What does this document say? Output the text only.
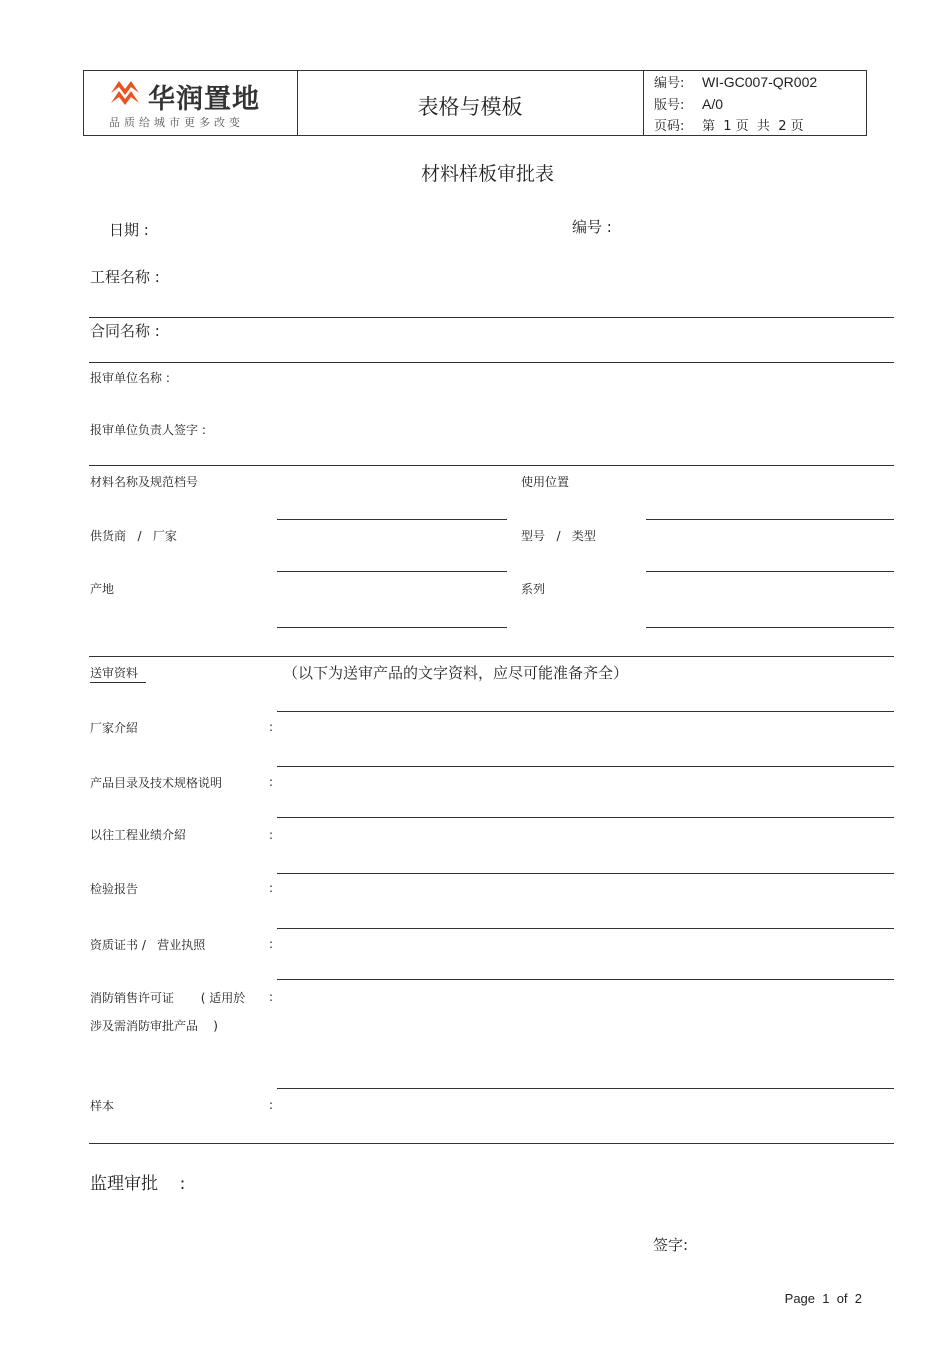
华润置地
品质给城市更多改变
表格与模板
编号: WI-GC007-QR002
版号: A/0
页码: 第  1 页  共  2 页
材料样板审批表
日期 :	编号 :
工程名称 :
合同名称 :
报审单位名称 :
报审单位负责人签字 :
材料名称及规范档号	使用位置
供货商   /   厂家	型号   /   类型
产地	系列
送审资料	（以下为送审产品的文字资料，应尽可能准备齐全）
厂家介紹	:
产品目录及技术规格说明	:
以往工程业绩介紹	:
检验报告	:
资质证书 /   营业执照	:
消防销售许可证       ( 适用於 :
涉及需消防审批产品    )
样本	:
监理审批    :
签字:
Page  1  of  2
